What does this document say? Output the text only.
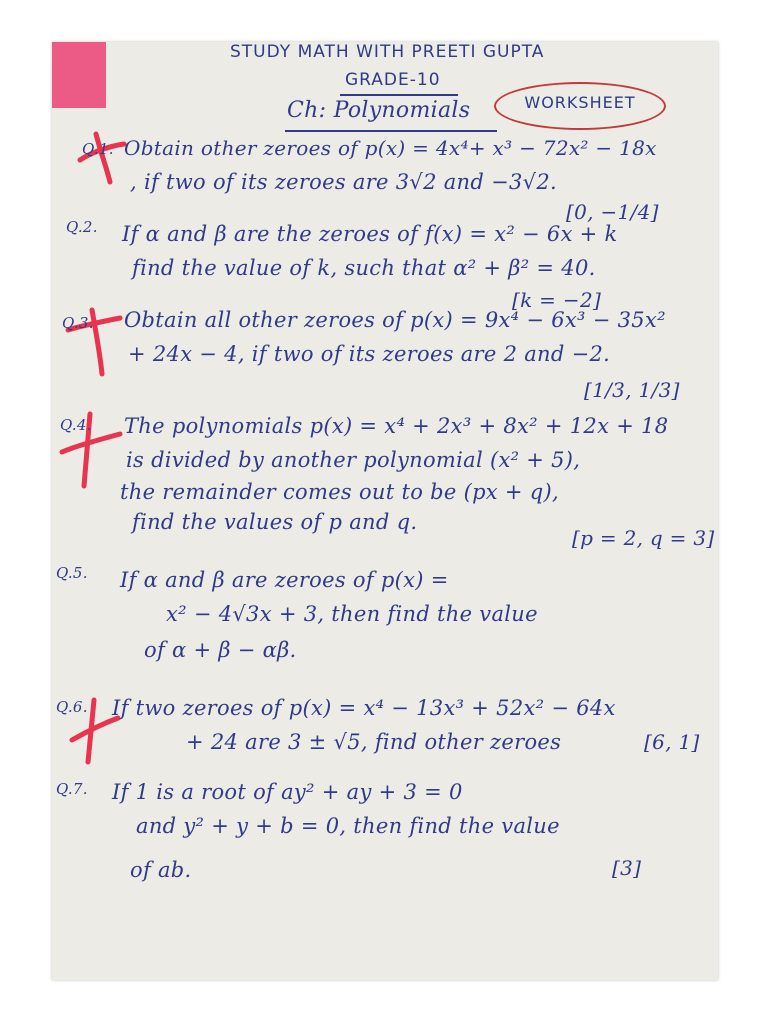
STUDY MATH WITH PREETI GUPTA
GRADE-10
Ch: Polynomials	WORKSHEET
Q.1. Obtain other zeroes of p(x) = 4x⁴+ x³ − 72x² − 18x
, if two of its zeroes are 3√2 and −3√2.
[0, −1/4]
Q.2. If α and β are the zeroes of f(x) = x² − 6x + k
find the value of k, such that α² + β² = 40.
[k = −2]
Q.3. Obtain all other zeroes of p(x) = 9x⁴ − 6x³ − 35x²
+ 24x − 4, if two of its zeroes are 2 and −2.
[1/3, 1/3]
Q.4. The polynomials p(x) = x⁴ + 2x³ + 8x² + 12x + 18
is divided by another polynomial (x² + 5),
the remainder comes out to be (px + q),
find the values of p and q.
[p = 2, q = 3]
Q.5. If α and β are zeroes of p(x) =
x² − 4√3x + 3, then find the value
of α + β − αβ.
Q.6. If two zeroes of p(x) = x⁴ − 13x³ + 52x² − 64x
+ 24 are 3 ± √5, find other zeroes	[6, 1]
Q.7. If 1 is a root of ay² + ay + 3 = 0
and y² + y + b = 0, then find the value
of ab.	[3]
